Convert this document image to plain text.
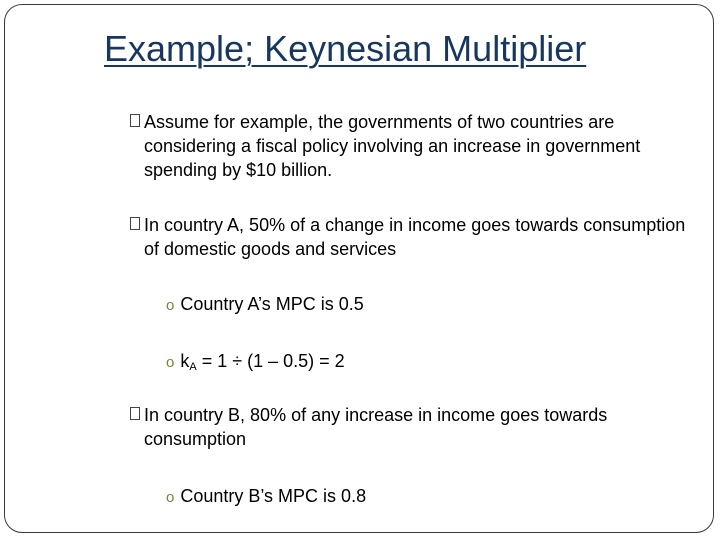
Example; Keynesian Multiplier
Assume for example, the governments of two countries are considering a fiscal policy involving an increase in government spending by $10 billion.
In country A, 50% of a change in income goes towards consumption of domestic goods and services
o Country A’s MPC is 0.5
o $k_A = 1 \div (1 - 0.5) = 2$
In country B, 80% of any increase in income goes towards consumption
o Country B’s MPC is 0.8
